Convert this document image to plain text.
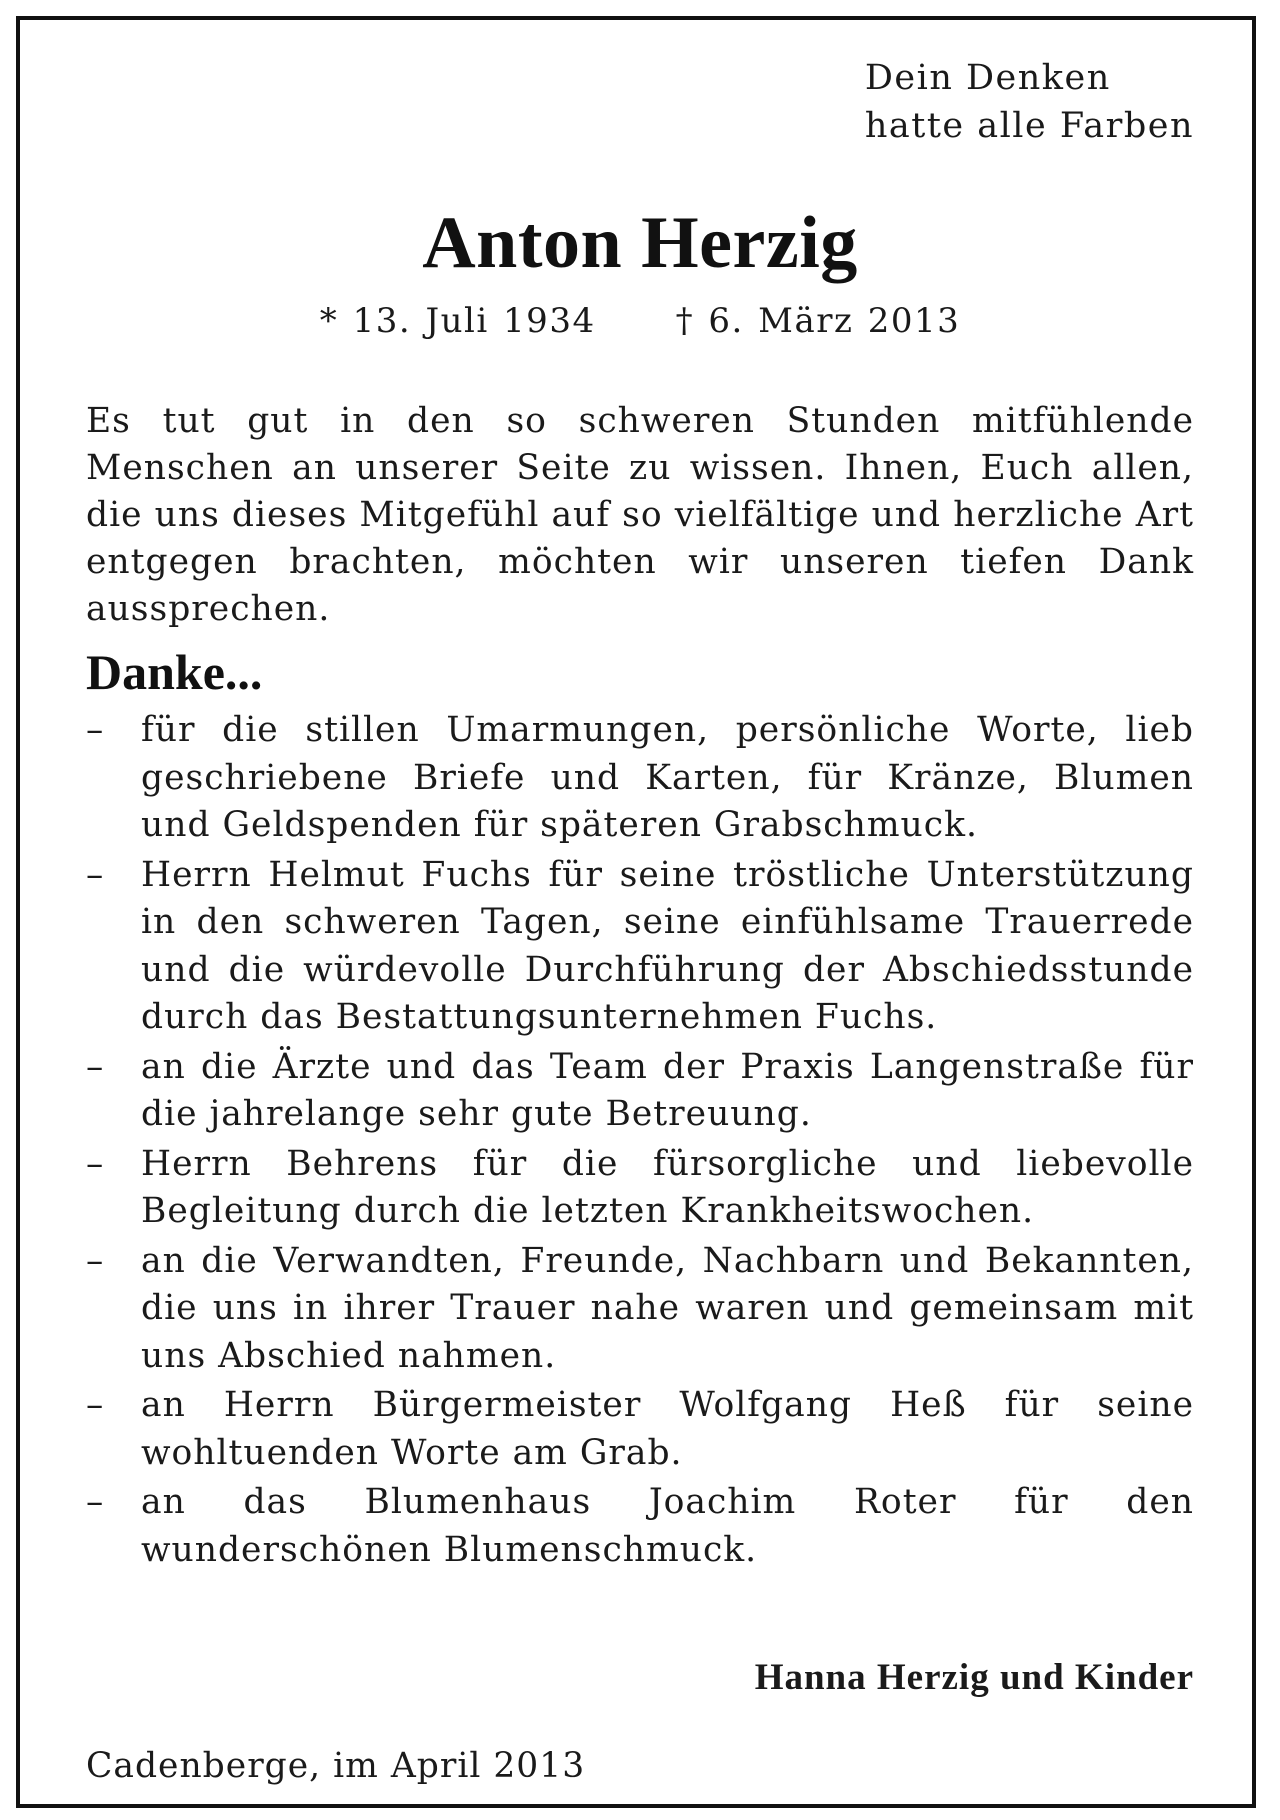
Dein Denken
hatte alle Farben
Anton Herzig
* 13. Juli 1934 † 6. März 2013
Es tut gut in den so schweren Stunden mitfühlende Menschen an unserer Seite zu wissen. Ihnen, Euch allen, die uns dieses Mitgefühl auf so vielfältige und herzliche Art entgegen brachten, möchten wir unseren tiefen Dank aussprechen.
Danke...
–	für die stillen Umarmungen, persönliche Worte, lieb geschriebene Briefe und Karten, für Kränze, Blumen und Geldspenden für späteren Grabschmuck.
–	Herrn Helmut Fuchs für seine tröstliche Unterstützung in den schweren Tagen, seine einfühlsame Trauerrede und die würdevolle Durchführung der Abschiedsstunde durch das Bestattungsunternehmen Fuchs.
–	an die Ärzte und das Team der Praxis Langenstraße für die jahrelange sehr gute Betreuung.
–	Herrn Behrens für die fürsorgliche und liebevolle Begleitung durch die letzten Krankheitswochen.
–	an die Verwandten, Freunde, Nachbarn und Bekannten, die uns in ihrer Trauer nahe waren und gemeinsam mit uns Abschied nahmen.
–	an Herrn Bürgermeister Wolfgang Heß für seine wohltuenden Worte am Grab.
–	an das Blumenhaus Joachim Roter für den wunderschönen Blumenschmuck.
Hanna Herzig und Kinder
Cadenberge, im April 2013
